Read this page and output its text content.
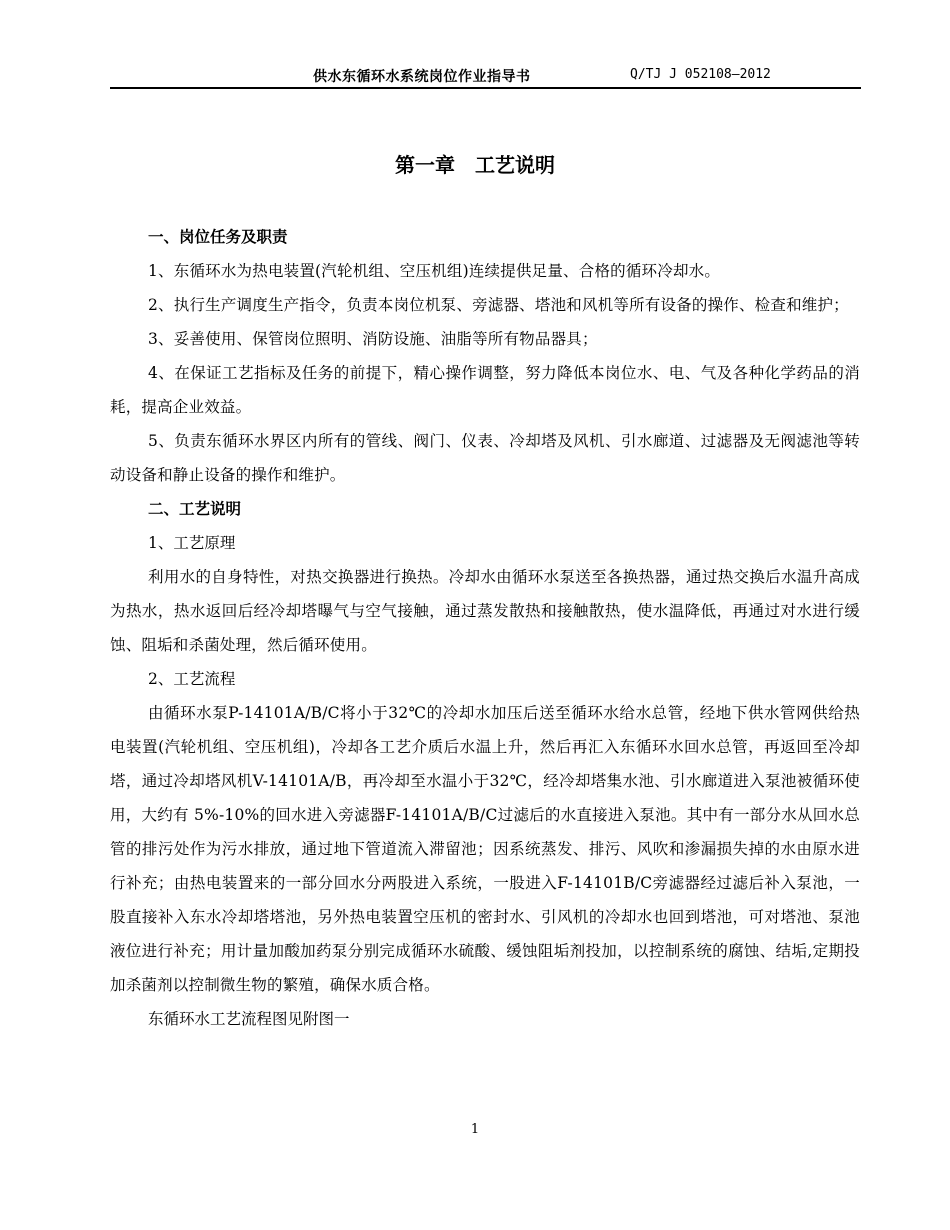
供水东循环水系统岗位作业指导书	Q/TJ J 052108—2012
第一章　工艺说明

一、岗位任务及职责

1、东循环水为热电装置(汽轮机组、空压机组)连续提供足量、合格的循环冷却水。

2、执行生产调度生产指令，负责本岗位机泵、旁滤器、塔池和风机等所有设备的操作、检查和维护；

3、妥善使用、保管岗位照明、消防设施、油脂等所有物品器具；

4、在保证工艺指标及任务的前提下，精心操作调整，努力降低本岗位水、电、气及各种化学药品的消耗，提高企业效益。

5、负责东循环水界区内所有的管线、阀门、仪表、冷却塔及风机、引水廊道、过滤器及无阀滤池等转动设备和静止设备的操作和维护。

二、工艺说明

1、工艺原理

利用水的自身特性，对热交换器进行换热。冷却水由循环水泵送至各换热器，通过热交换后水温升高成为热水，热水返回后经冷却塔曝气与空气接触，通过蒸发散热和接触散热，使水温降低，再通过对水进行缓蚀、阻垢和杀菌处理，然后循环使用。

2、工艺流程

由循环水泵P-14101A/B/C将小于32℃的冷却水加压后送至循环水给水总管，经地下供水管网供给热电装置(汽轮机组、空压机组)，冷却各工艺介质后水温上升，然后再汇入东循环水回水总管，再返回至冷却塔，通过冷却塔风机V-14101A/B，再冷却至水温小于32℃，经冷却塔集水池、引水廊道进入泵池被循环使用，大约有 5%-10%的回水进入旁滤器F-14101A/B/C过滤后的水直接进入泵池。其中有一部分水从回水总管的排污处作为污水排放，通过地下管道流入滞留池；因系统蒸发、排污、风吹和渗漏损失掉的水由原水进行补充；由热电装置来的一部分回水分两股进入系统，一股进入F-14101B/C旁滤器经过滤后补入泵池，一股直接补入东水冷却塔塔池，另外热电装置空压机的密封水、引风机的冷却水也回到塔池，可对塔池、泵池液位进行补充；用计量加酸加药泵分别完成循环水硫酸、缓蚀阻垢剂投加，以控制系统的腐蚀、结垢,定期投加杀菌剂以控制微生物的繁殖，确保水质合格。

东循环水工艺流程图见附图一

1
